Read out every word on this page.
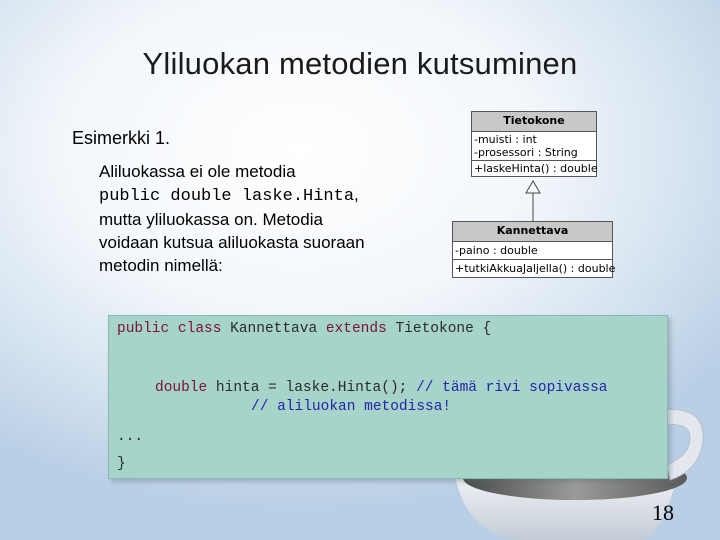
Yliluokan metodien kutsuminen
Esimerkki 1.
Aliluokassa ei ole metodia
public double laske.Hinta,
mutta yliluokassa on. Metodia
voidaan kutsua aliluokasta suoraan
metodin nimellä:
Tietokone
-muisti : int
-prosessori : String
+laskeHinta() : double
Kannettava
-paino : double
+tutkiAkkuaJaljella() : double
public class Kannettava extends Tietokone {
double hinta = laske.Hinta(); // tämä rivi sopivassa
// aliluokan metodissa!
...
}
18
